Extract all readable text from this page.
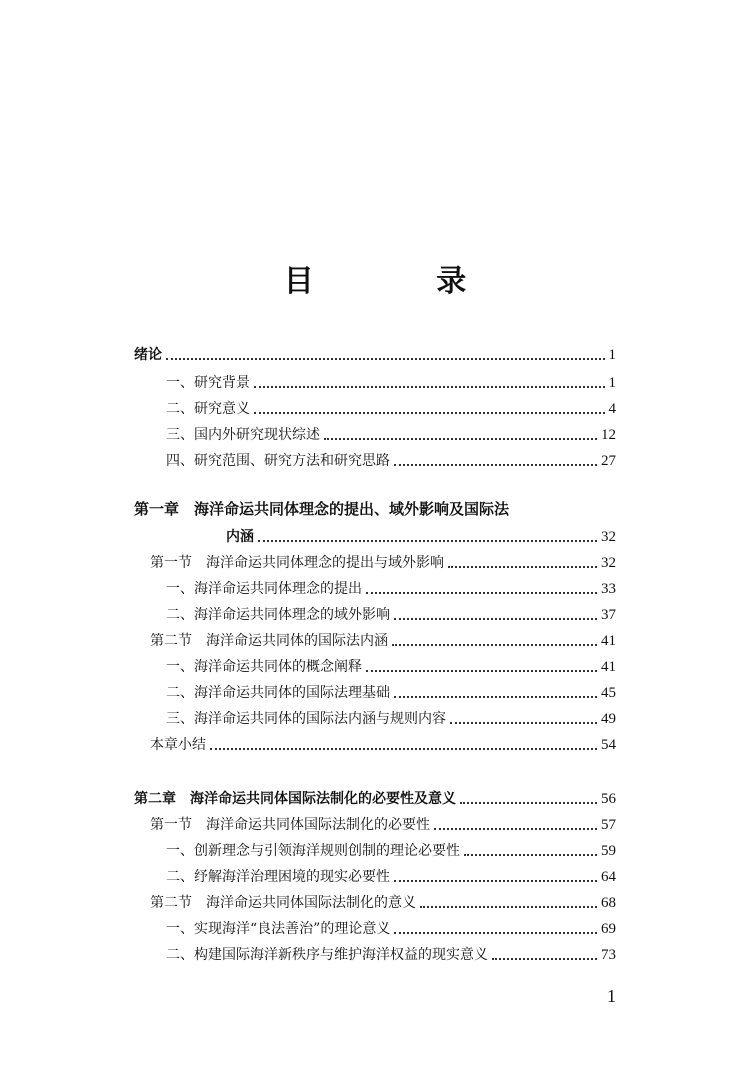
目 录
绪论	1
一、研究背景	1
二、研究意义	4
三、国内外研究现状综述	12
四、研究范围、研究方法和研究思路	27
第一章　海洋命运共同体理念的提出、域外影响及国际法
内涵	32
第一节　海洋命运共同体理念的提出与域外影响	32
一、海洋命运共同体理念的提出	33
二、海洋命运共同体理念的域外影响	37
第二节　海洋命运共同体的国际法内涵	41
一、海洋命运共同体的概念阐释	41
二、海洋命运共同体的国际法理基础	45
三、海洋命运共同体的国际法内涵与规则内容	49
本章小结	54
第二章　海洋命运共同体国际法制化的必要性及意义	56
第一节　海洋命运共同体国际法制化的必要性	57
一、创新理念与引领海洋规则创制的理论必要性	59
二、纾解海洋治理困境的现实必要性	64
第二节　海洋命运共同体国际法制化的意义	68
一、实现海洋“良法善治”的理论意义	69
二、构建国际海洋新秩序与维护海洋权益的现实意义	73
1
